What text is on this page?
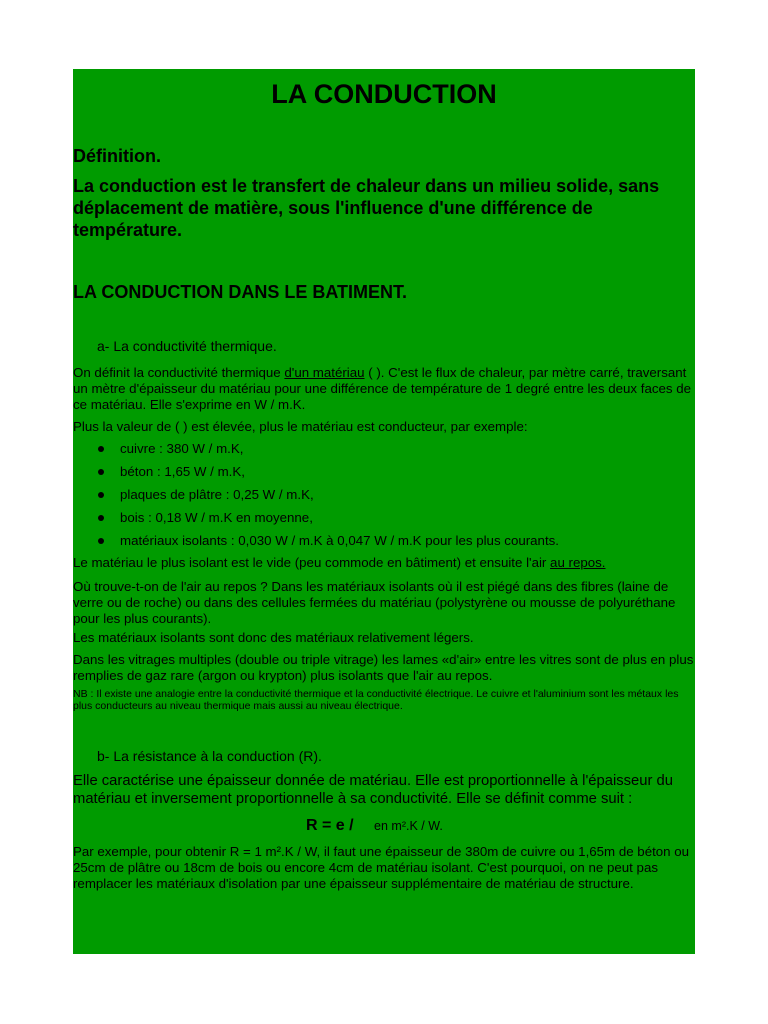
LA CONDUCTION
Définition.

La conduction est le transfert de chaleur dans un milieu solide, sans déplacement de matière, sous l'influence d'une différence de température.

LA CONDUCTION DANS LE BATIMENT.
a- La conductivité thermique.

On définit la conductivité thermique d'un matériau ( ). C'est le flux de chaleur, par mètre carré, traversant un mètre d'épaisseur du matériau pour une différence de température de 1 degré entre les deux faces de ce matériau. Elle s'exprime en W / m.K.

Plus la valeur de ( ) est élevée, plus le matériau est conducteur, par exemple:

cuivre : 380 W / m.K,
béton : 1,65 W / m.K,
plaques de plâtre : 0,25 W / m.K,
bois : 0,18 W / m.K en moyenne,
matériaux isolants : 0,030 W / m.K à 0,047 W / m.K pour les plus courants.

Le matériau le plus isolant est le vide (peu commode en bâtiment) et ensuite l'air au repos.

Où trouve-t-on de l'air au repos ? Dans les matériaux isolants où il est piégé dans des fibres (laine de verre ou de roche) ou dans des cellules fermées du matériau (polystyrène ou mousse de polyuréthane pour les plus courants).

Les matériaux isolants sont donc des matériaux relativement légers.

Dans les vitrages multiples (double ou triple vitrage) les lames «d'air» entre les vitres sont de plus en plus remplies de gaz rare (argon ou krypton) plus isolants que l'air au repos.

NB : Il existe une analogie entre la conductivité thermique et la conductivité électrique. Le cuivre et l'aluminium sont les métaux les plus conducteurs au niveau thermique mais aussi au niveau électrique.

b- La résistance à la conduction (R).

Elle caractérise une épaisseur donnée de matériau. Elle est proportionnelle à l'épaisseur du matériau et inversement proportionnelle à sa conductivité. Elle se définit comme suit :

R = e / en m².K / W.

Par exemple, pour obtenir R = 1 m².K / W, il faut une épaisseur de 380m de cuivre ou 1,65m de béton ou 25cm de plâtre ou 18cm de bois ou encore 4cm de matériau isolant. C'est pourquoi, on ne peut pas remplacer les matériaux d'isolation par une épaisseur supplémentaire de matériau de structure.
